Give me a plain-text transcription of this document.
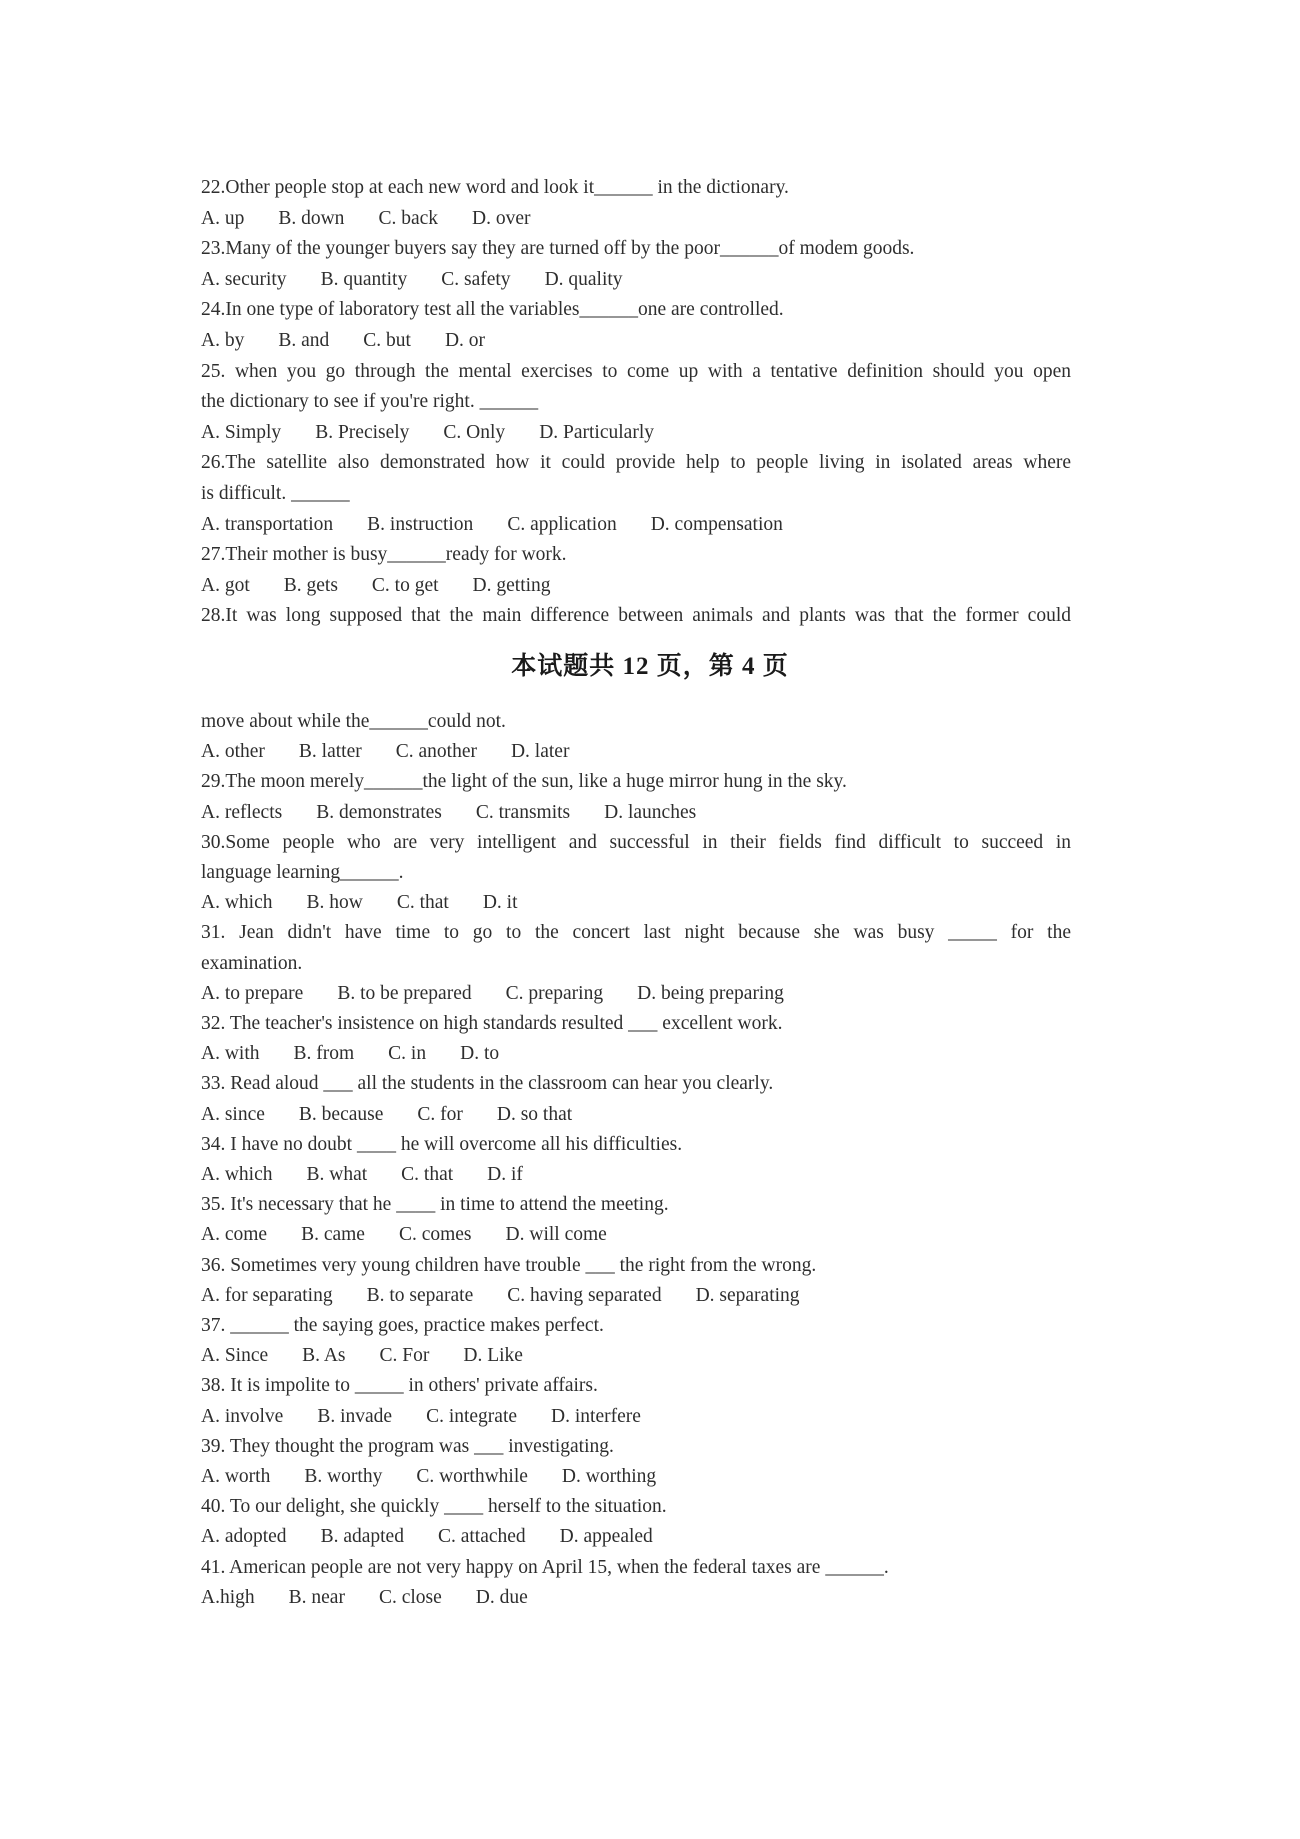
22.Other people stop at each new word and look it______ in the dictionary.
A. up B. down C. back D. over
23.Many of the younger buyers say they are turned off by the poor______of modem goods.
A. security B. quantity C. safety D. quality
24.In one type of laboratory test all the variables______one are controlled.
A. by B. and C. but D. or
25. when you go through the mental exercises to come up with a tentative definition should you open
the dictionary to see if you're right. ______
A. Simply B. Precisely C. Only D. Particularly
26.The satellite also demonstrated how it could provide help to people living in isolated areas where
is difficult. ______
A. transportation B. instruction C. application D. compensation
27.Their mother is busy______ready for work.
A. got B. gets C. to get D. getting
28.It was long supposed that the main difference between animals and plants was that the former could
本试题共 12 页，第 4 页
move about while the______could not.
A. other B. latter C. another D. later
29.The moon merely______the light of the sun, like a huge mirror hung in the sky.
A. reflects B. demonstrates C. transmits D. launches
30.Some people who are very intelligent and successful in their fields find difficult to succeed in
language learning______.
A. which B. how C. that D. it
31. Jean didn't have time to go to the concert last night because she was busy _____ for the
examination.
A. to prepare B. to be prepared C. preparing D. being preparing
32. The teacher's insistence on high standards resulted ___ excellent work.
A. with B. from C. in D. to
33. Read aloud ___ all the students in the classroom can hear you clearly.
A. since B. because C. for D. so that
34. I have no doubt ____ he will overcome all his difficulties.
A. which B. what C. that D. if
35. It's necessary that he ____ in time to attend the meeting.
A. come B. came C. comes D. will come
36. Sometimes very young children have trouble ___ the right from the wrong.
A. for separating B. to separate C. having separated D. separating
37. ______ the saying goes, practice makes perfect.
A. Since B. As C. For D. Like
38. It is impolite to _____ in others' private affairs.
A. involve B. invade C. integrate D. interfere
39. They thought the program was ___ investigating.
A. worth B. worthy C. worthwhile D. worthing
40. To our delight, she quickly ____ herself to the situation.
A. adopted B. adapted C. attached D. appealed
41. American people are not very happy on April 15, when the federal taxes are ______.
A.high B. near C. close D. due
